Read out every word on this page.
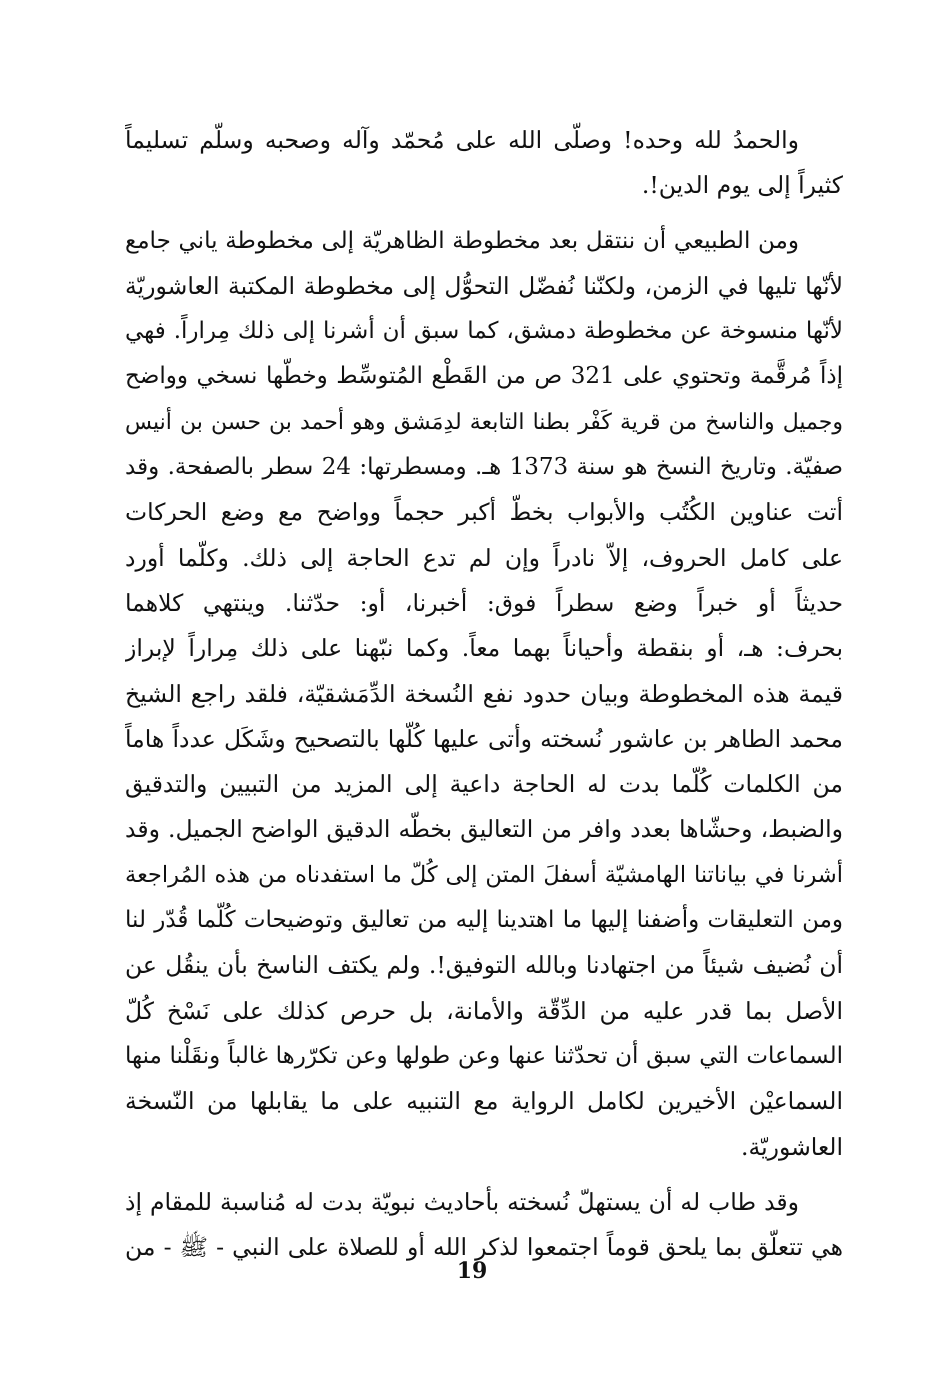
والحمدُ لله وحده! وصلّى الله على مُحمّد وآله وصحبه وسلّم تسليماً
كثيراً إلى يوم الدين!.
ومن الطبيعي أن ننتقل بعد مخطوطة الظاهريّة إلى مخطوطة ياني جامع
لأنّها تليها في الزمن، ولكنّنا نُفضّل التحوُّل إلى مخطوطة المكتبة العاشوريّة
لأنّها منسوخة عن مخطوطة دمشق، كما سبق أن أشرنا إلى ذلك مِراراً. فهي
إذاً مُرقَّمة وتحتوي على 321 ص من القَطْع المُتوسِّط وخطّها نسخي وواضح
وجميل والناسخ من قرية كَفْر بطنا التابعة لدِمَشق وهو أحمد بن حسن بن أنيس
صفيّة. وتاريخ النسخ هو سنة 1373 هـ. ومسطرتها: 24 سطر بالصفحة. وقد
أتت عناوين الكُتُب والأبواب بخطّ أكبر حجماً وواضح مع وضع الحركات
على كامل الحروف، إلاّ نادراً وإن لم تدع الحاجة إلى ذلك. وكلّما أورد
حديثاً أو خبراً وضع سطراً فوق: أخبرنا، أو: حدّثنا. وينتهي كلاهما
بحرف: هـ، أو بنقطة وأحياناً بهما معاً. وكما نبّهنا على ذلك مِراراً لإبراز
قيمة هذه المخطوطة وبيان حدود نفع النُسخة الدِّمَشقيّة، فلقد راجع الشيخ
محمد الطاهر بن عاشور نُسخته وأتى عليها كُلّها بالتصحيح وشَكَل عدداً هاماً
من الكلمات كُلّما بدت له الحاجة داعية إلى المزيد من التبيين والتدقيق
والضبط، وحشّاها بعدد وافر من التعاليق بخطّه الدقيق الواضح الجميل. وقد
أشرنا في بياناتنا الهامشيّة أسفلَ المتن إلى كُلّ ما استفدناه من هذه المُراجعة
ومن التعليقات وأضفنا إليها ما اهتدينا إليه من تعاليق وتوضيحات كُلّما قُدّر لنا
أن نُضيف شيئاً من اجتهادنا وبالله التوفيق!. ولم يكتف الناسخ بأن ينقُل عن
الأصل بما قدر عليه من الدِّقّة والأمانة، بل حرص كذلك على نَسْخ كُلّ
السماعات التي سبق أن تحدّثنا عنها وعن طولها وعن تكرّرها غالباً ونقَلْنا منها
السماعيْن الأخيرين لكامل الرواية مع التنبيه على ما يقابلها من النّسخة
العاشوريّة.
وقد طاب له أن يستهلّ نُسخته بأحاديث نبويّة بدت له مُناسبة للمقام إذ
هي تتعلّق بما يلحق قوماً اجتمعوا لذكر الله أو للصلاة على النبي - ﷺ - من
19
